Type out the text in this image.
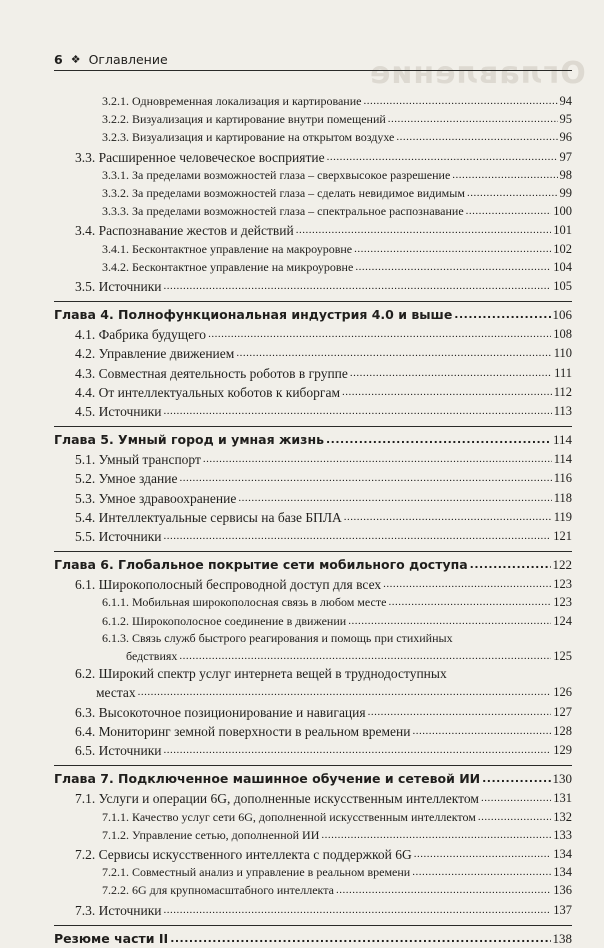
Оглавление
6 ❖ Оглавление
3.2.1. Одновременная локализация и картирование .....	94
3.2.2. Визуализация и картирование внутри помещений .....	95
3.2.3. Визуализация и картирование на открытом воздухе .....	96
3.3. Расширенное человеческое восприятие .....	97
3.3.1. За пределами возможностей глаза – сверхвысокое разрешение .....	98
3.3.2. За пределами возможностей глаза – сделать невидимое видимым .....	99
3.3.3. За пределами возможностей глаза – спектральное распознавание .....	100
3.4. Распознавание жестов и действий .....	101
3.4.1. Бесконтактное управление на макроуровне .....	102
3.4.2. Бесконтактное управление на микроуровне .....	104
3.5. Источники .....	105
Глава 4. Полнофункциональная индустрия 4.0 и выше .....	106
4.1. Фабрика будущего .....	108
4.2. Управление движением .....	110
4.3. Совместная деятельность роботов в группе .....	111
4.4. От интеллектуальных коботов к киборгам .....	112
4.5. Источники .....	113
Глава 5. Умный город и умная жизнь .....	114
5.1. Умный транспорт .....	114
5.2. Умное здание .....	116
5.3. Умное здравоохранение .....	118
5.4. Интеллектуальные сервисы на базе БПЛА .....	119
5.5. Источники .....	121
Глава 6. Глобальное покрытие сети мобильного доступа .....	122
6.1. Широкополосный беспроводной доступ для всех .....	123
6.1.1. Мобильная широкополосная связь в любом месте .....	123
6.1.2. Широкополосное соединение в движении .....	124
6.1.3. Связь служб быстрого реагирования и помощь при стихийных
бедствиях .....	125
6.2. Широкий спектр услуг интернета вещей в труднодоступных
местах .....	126
6.3. Высокоточное позиционирование и навигация .....	127
6.4. Мониторинг земной поверхности в реальном времени .....	128
6.5. Источники .....	129
Глава 7. Подключенное машинное обучение и сетевой ИИ .....	130
7.1. Услуги и операции 6G, дополненные искусственным интеллектом .....	131
7.1.1. Качество услуг сети 6G, дополненной искусственным интеллектом .....	132
7.1.2. Управление сетью, дополненной ИИ .....	133
7.2. Сервисы искусственного интеллекта с поддержкой 6G .....	134
7.2.1. Совместный анализ и управление в реальном времени .....	134
7.2.2. 6G для крупномасштабного интеллекта .....	136
7.3. Источники .....	137
Резюме части II .....	138
